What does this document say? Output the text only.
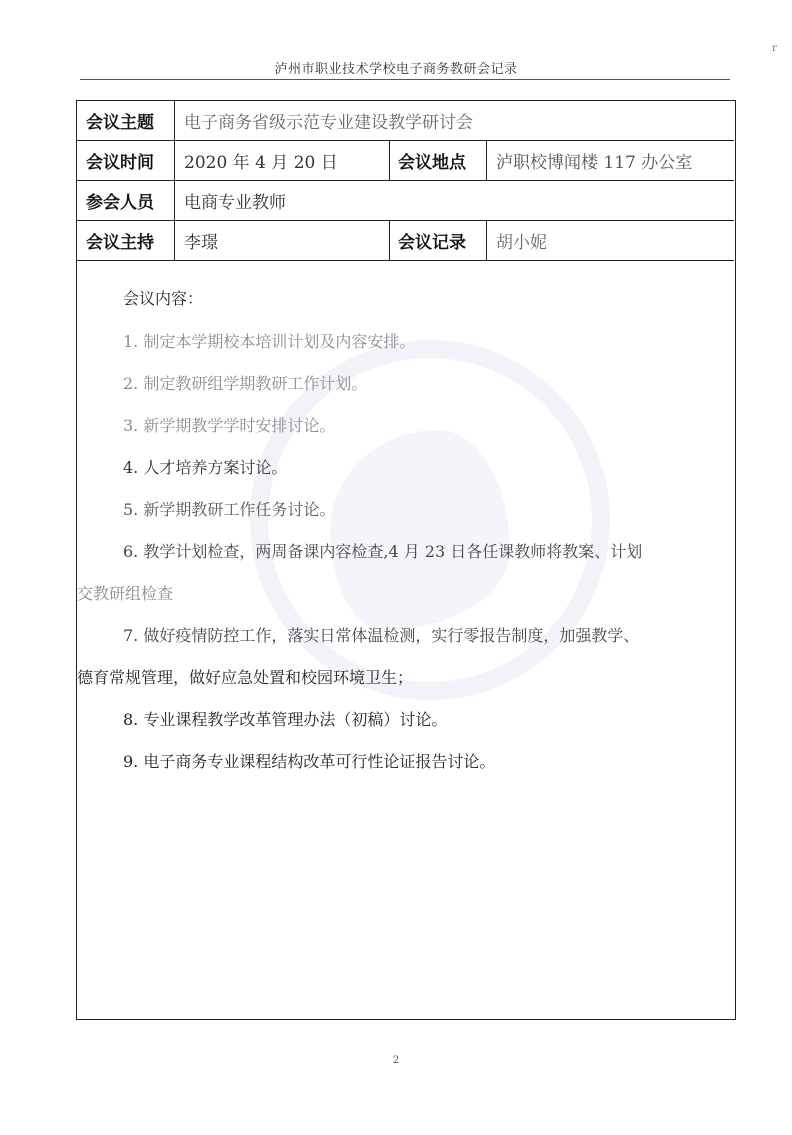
r
泸州市职业技术学校电子商务教研会记录
会议主题	电子商务省级示范专业建设教学研讨会
会议时间	2020 年 4 月 20 日	会议地点	泸职校博闻楼 117 办公室
参会人员	电商专业教师
会议主持	李璟	会议记录	胡小妮
会议内容：
1. 制定本学期校本培训计划及内容安排。
2. 制定教研组学期教研工作计划。
3. 新学期教学学时安排讨论。
4. 人才培养方案讨论。
5. 新学期教研工作任务讨论。
6. 教学计划检查，两周备课内容检查,4 月 23 日各任课教师将教案、计划
交教研组检查
7. 做好疫情防控工作，落实日常体温检测，实行零报告制度，加强教学、
德育常规管理，做好应急处置和校园环境卫生；
8. 专业课程教学改革管理办法（初稿）讨论。
9. 电子商务专业课程结构改革可行性论证报告讨论。
2
